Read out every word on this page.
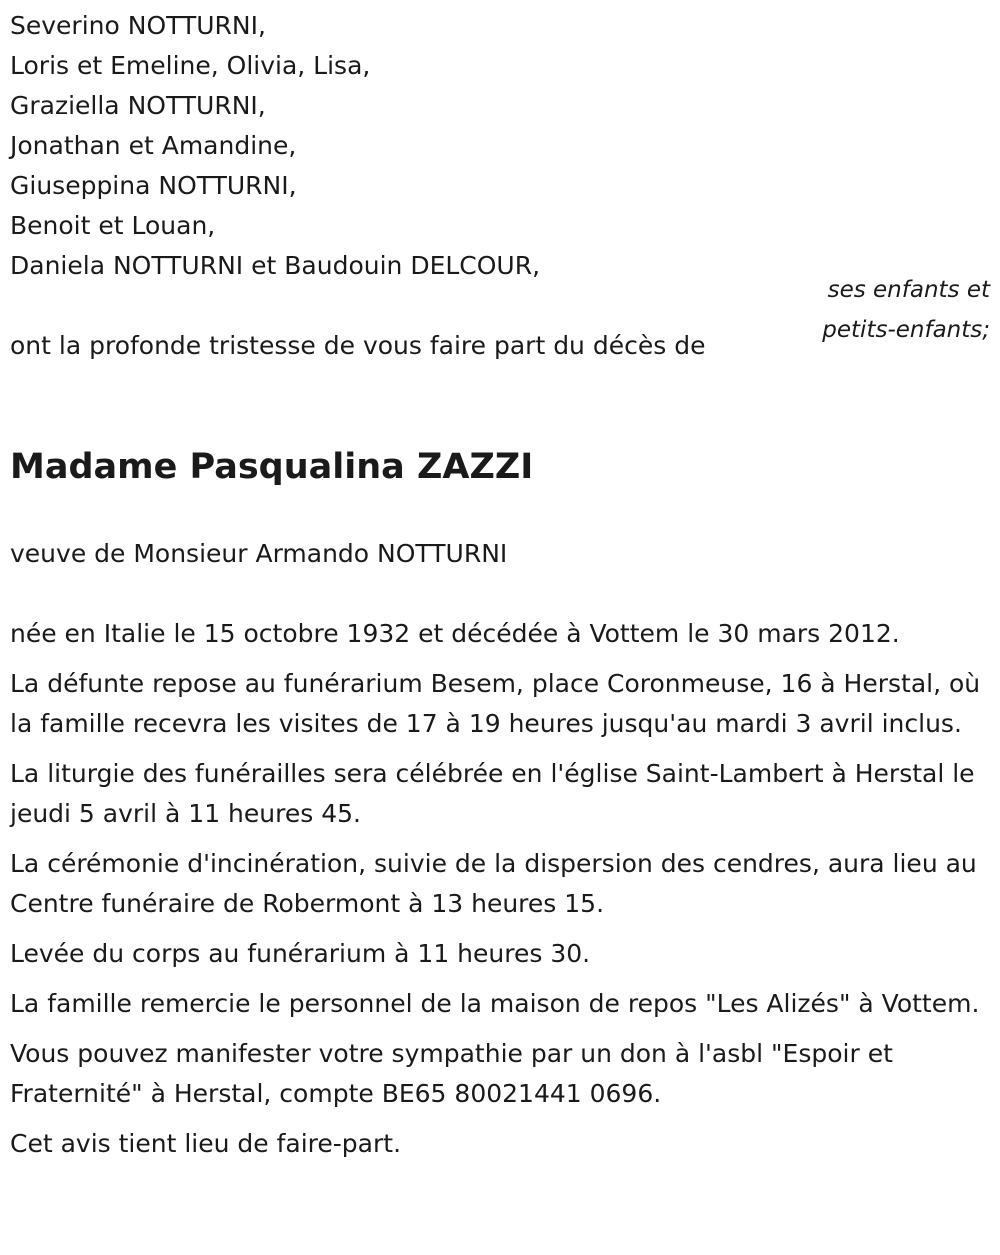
Severino NOTTURNI,
Loris et Emeline, Olivia, Lisa,
Graziella NOTTURNI,
Jonathan et Amandine,
Giuseppina NOTTURNI,
Benoit et Louan,
Daniela NOTTURNI et Baudouin DELCOUR,
ses enfants et petits-enfants;
ont la profonde tristesse de vous faire part du décès de
Madame Pasqualina ZAZZI
veuve de Monsieur Armando NOTTURNI

née en Italie le 15 octobre 1932 et décédée à Vottem le 30 mars 2012.

La défunte repose au funérarium Besem, place Coronmeuse, 16 à Herstal, où la famille recevra les visites de 17 à 19 heures jusqu'au mardi 3 avril inclus.

La liturgie des funérailles sera célébrée en l'église Saint-Lambert à Herstal le jeudi 5 avril à 11 heures 45.

La cérémonie d'incinération, suivie de la dispersion des cendres, aura lieu au Centre funéraire de Robermont à 13 heures 15.

Levée du corps au funérarium à 11 heures 30.

La famille remercie le personnel de la maison de repos "Les Alizés" à Vottem.

Vous pouvez manifester votre sympathie par un don à l'asbl "Espoir et Fraternité" à Herstal, compte BE65 80021441 0696.

Cet avis tient lieu de faire-part.
